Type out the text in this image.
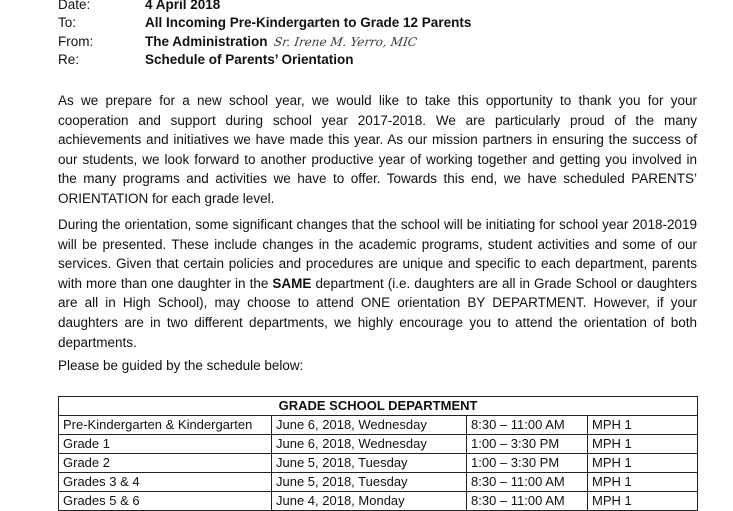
Date:	4 April 2018
To:	All Incoming Pre-Kindergarten to Grade 12 Parents
From:	The Administration Sr. Irene M. Yerro, MIC
Re:	Schedule of Parents’ Orientation

As we prepare for a new school year, we would like to take this opportunity to thank you for your cooperation and support during school year 2017-2018. We are particularly proud of the many achievements and initiatives we have made this year. As our mission partners in ensuring the success of our students, we look forward to another productive year of working together and getting you involved in the many programs and activities we have to offer. Towards this end, we have scheduled PARENTS’ ORIENTATION for each grade level.

During the orientation, some significant changes that the school will be initiating for school year 2018-2019 will be presented. These include changes in the academic programs, student activities and some of our services. Given that certain policies and procedures are unique and specific to each department, parents with more than one daughter in the SAME department (i.e. daughters are all in Grade School or daughters are all in High School), may choose to attend ONE orientation BY DEPARTMENT. However, if your daughters are in two different departments, we highly encourage you to attend the orientation of both departments.

Please be guided by the schedule below:
GRADE SCHOOL DEPARTMENT			
Pre-Kindergarten & Kindergarten	June 6, 2018, Wednesday	8:30 – 11:00 AM	MPH 1
Grade 1	June 6, 2018, Wednesday	1:00 – 3:30 PM	MPH 1
Grade 2	June 5, 2018, Tuesday	1:00 – 3:30 PM	MPH 1
Grades 3 & 4	June 5, 2018, Tuesday	8:30 – 11:00 AM	MPH 1
Grades 5 & 6	June 4, 2018, Monday	8:30 – 11:00 AM	MPH 1
